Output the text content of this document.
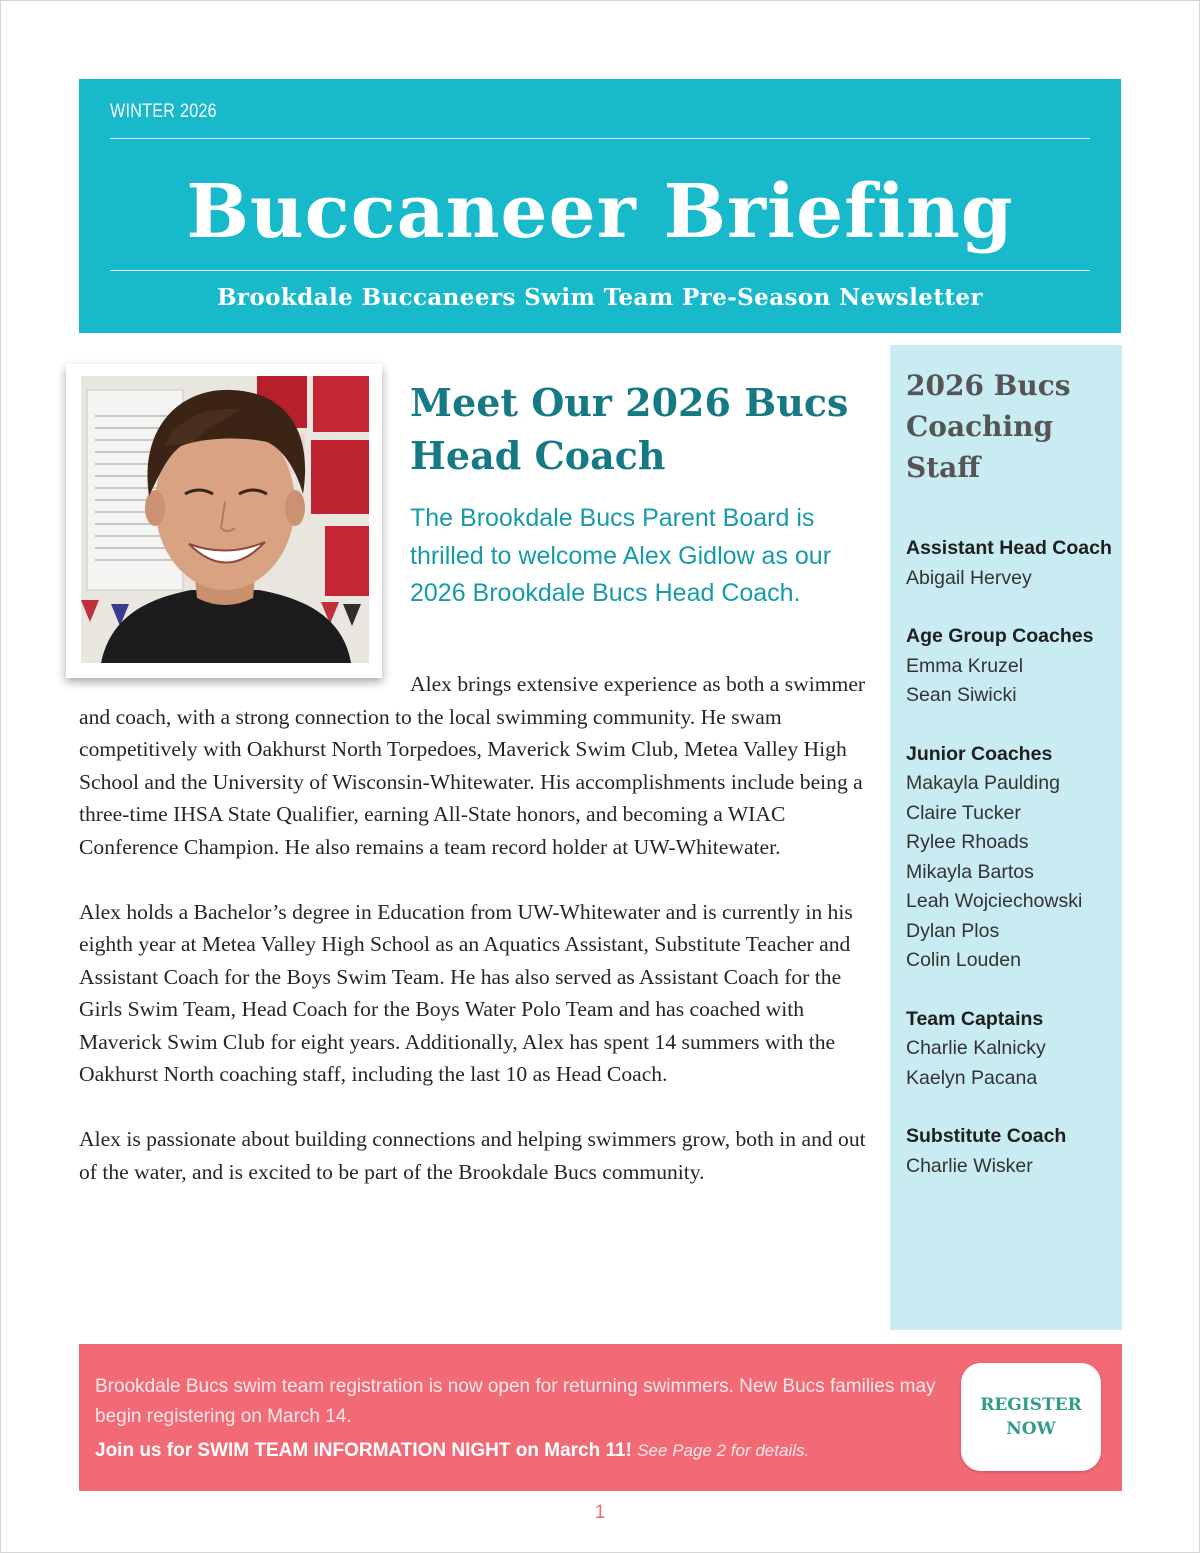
WINTER 2026
Buccaneer Briefing
Brookdale Buccaneers Swim Team Pre-Season Newsletter
Meet Our 2026 Bucs Head Coach
The Brookdale Bucs Parent Board is thrilled to welcome Alex Gidlow as our 2026 Brookdale Bucs Head Coach.

Alex brings extensive experience as both a swimmer and coach, with a strong connection to the local swimming community. He swam competitively with Oakhurst North Torpedoes, Maverick Swim Club, Metea Valley High School and the University of Wisconsin-Whitewater. His accomplishments include being a three-time IHSA State Qualifier, earning All-State honors, and becoming a WIAC Conference Champion. He also remains a team record holder at UW-Whitewater.

Alex holds a Bachelor’s degree in Education from UW-Whitewater and is currently in his eighth year at Metea Valley High School as an Aquatics Assistant, Substitute Teacher and Assistant Coach for the Boys Swim Team. He has also served as Assistant Coach for the Girls Swim Team, Head Coach for the Boys Water Polo Team and has coached with Maverick Swim Club for eight years. Additionally, Alex has spent 14 summers with the Oakhurst North coaching staff, including the last 10 as Head Coach.

Alex is passionate about building connections and helping swimmers grow, both in and out of the water, and is excited to be part of the Brookdale Bucs community.

2026 Bucs Coaching Staff
Assistant Head Coach
Abigail Hervey
Age Group Coaches
Emma Kruzel
Sean Siwicki
Junior Coaches
Makayla Paulding
Claire Tucker
Rylee Rhoads
Mikayla Bartos
Leah Wojciechowski
Dylan Plos
Colin Louden
Team Captains
Charlie Kalnicky
Kaelyn Pacana
Substitute Coach
Charlie Wisker
Brookdale Bucs swim team registration is now open for returning swimmers. New Bucs families may begin registering on March 14.
Join us for SWIM TEAM INFORMATION NIGHT on March 11! See Page 2 for details.
REGISTER
NOW
1
